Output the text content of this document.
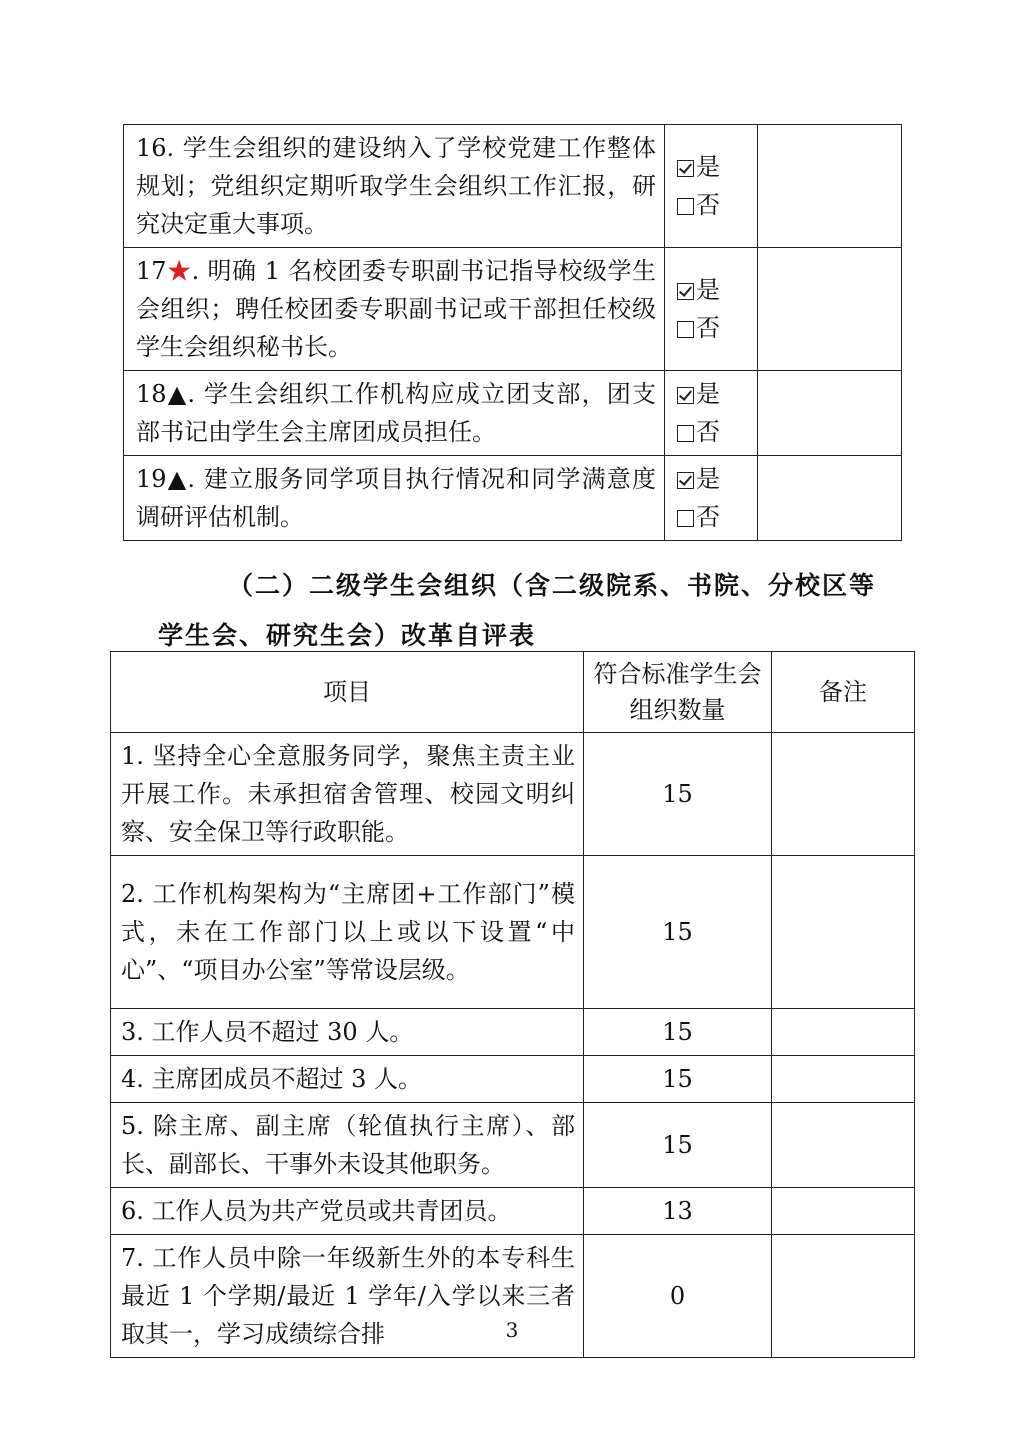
16. 学生会组织的建设纳入了学校党建工作整体规划；党组织定期听取学生会组织工作汇报，研究决定重大事项。	是
否	

17★. 明确 1 名校团委专职副书记指导校级学生会组织；聘任校团委专职副书记或干部担任校级学生会组织秘书长。	是
否	

18▲. 学生会组织工作机构应成立团支部，团支部书记由学生会主席团成员担任。	是
否	

19▲. 建立服务同学项目执行情况和同学满意度调研评估机制。	是
否	

（二）二级学生会组织（含二级院系、书院、分校区等
学生会、研究生会）改革自评表
项目	符合标准学生会组织数量	备注
1. 坚持全心全意服务同学，聚焦主责主业开展工作。未承担宿舍管理、校园文明纠察、安全保卫等行政职能。	15	
2. 工作机构架构为“主席团+工作部门”模式，未在工作部门以上或以下设置“中心”、“项目办公室”等常设层级。	15	
3. 工作人员不超过 30 人。	15	
4. 主席团成员不超过 3 人。	15	
5. 除主席、副主席（轮值执行主席）、部长、副部长、干事外未设其他职务。	15	
6. 工作人员为共产党员或共青团员。	13	
7. 工作人员中除一年级新生外的本专科生最近 1 个学期/最近 1 学年/入学以来三者取其一，学习成绩综合排	0	
3
